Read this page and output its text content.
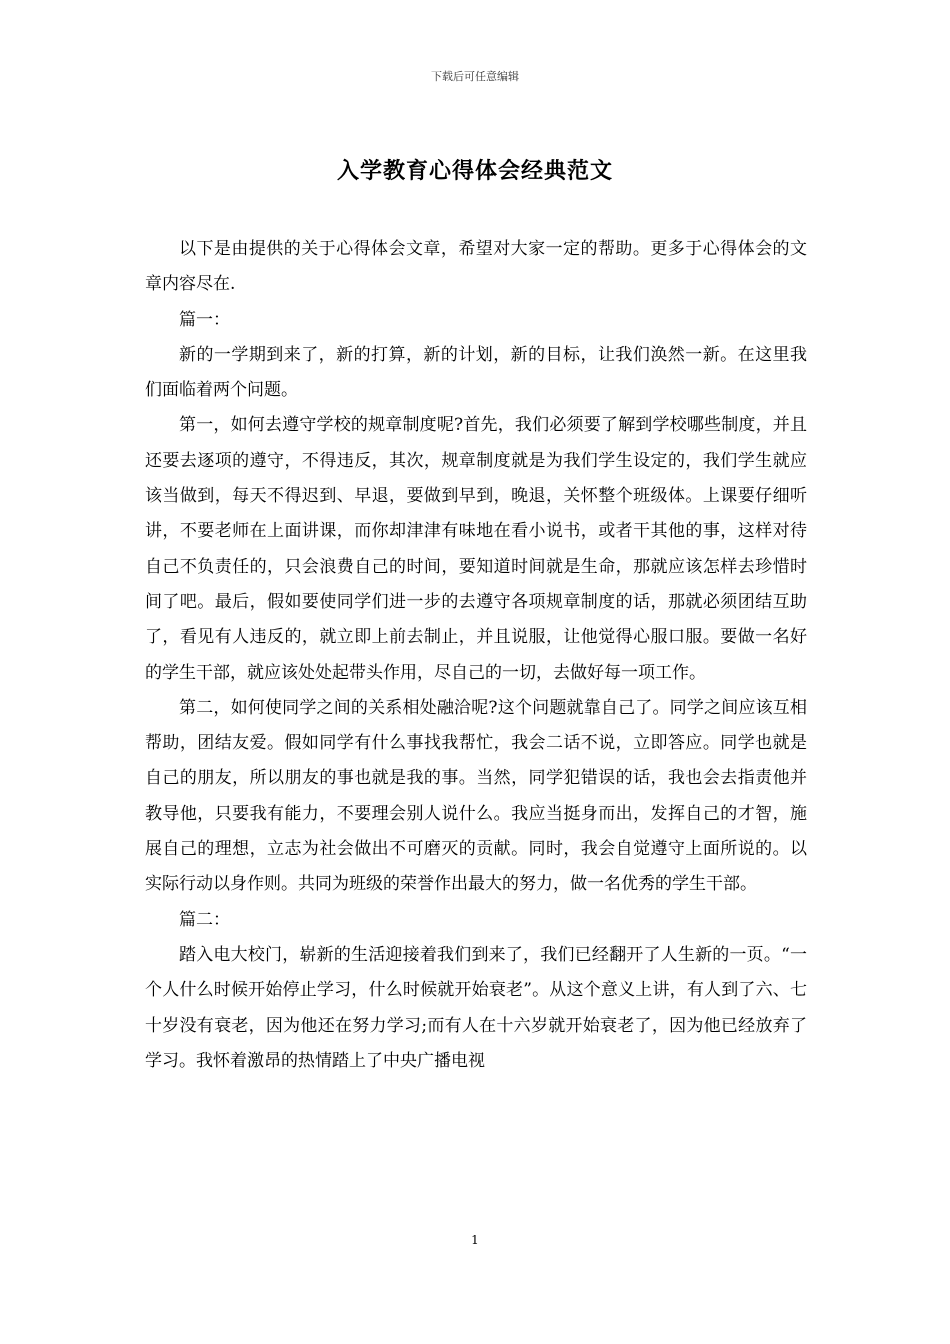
下载后可任意编辑
入学教育心得体会经典范文

以下是由提供的关于心得体会文章，希望对大家一定的帮助。更多于心得体会的文章内容尽在.

篇一：

新的一学期到来了，新的打算，新的计划，新的目标，让我们涣然一新。在这里我们面临着两个问题。

第一，如何去遵守学校的规章制度呢?首先，我们必须要了解到学校哪些制度，并且还要去逐项的遵守，不得违反，其次，规章制度就是为我们学生设定的，我们学生就应该当做到，每天不得迟到、早退，要做到早到，晚退，关怀整个班级体。上课要仔细听讲，不要老师在上面讲课，而你却津津有味地在看小说书，或者干其他的事，这样对待自己不负责任的，只会浪费自己的时间，要知道时间就是生命，那就应该怎样去珍惜时间了吧。最后，假如要使同学们进一步的去遵守各项规章制度的话，那就必须团结互助了，看见有人违反的，就立即上前去制止，并且说服，让他觉得心服口服。要做一名好的学生干部，就应该处处起带头作用，尽自己的一切，去做好每一项工作。

第二，如何使同学之间的关系相处融洽呢?这个问题就靠自己了。同学之间应该互相帮助，团结友爱。假如同学有什么事找我帮忙，我会二话不说，立即答应。同学也就是自己的朋友，所以朋友的事也就是我的事。当然，同学犯错误的话，我也会去指责他并教导他，只要我有能力，不要理会别人说什么。我应当挺身而出，发挥自己的才智，施展自己的理想，立志为社会做出不可磨灭的贡献。同时，我会自觉遵守上面所说的。以实际行动以身作则。共同为班级的荣誉作出最大的努力，做一名优秀的学生干部。

篇二：

踏入电大校门，崭新的生活迎接着我们到来了，我们已经翻开了人生新的一页。“一个人什么时候开始停止学习，什么时候就开始衰老”。从这个意义上讲，有人到了六、七十岁没有衰老，因为他还在努力学习;而有人在十六岁就开始衰老了，因为他已经放弃了学习。我怀着激昂的热情踏上了中央广播电视

1
